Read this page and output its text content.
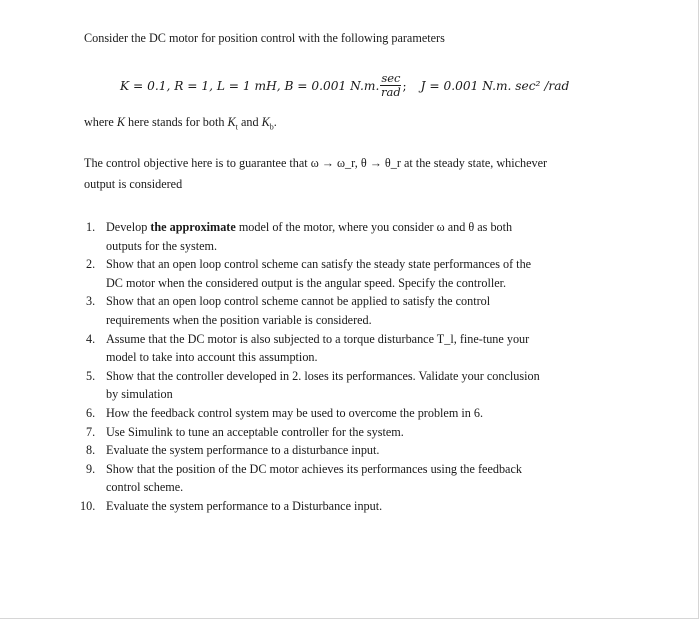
Consider the DC motor for position control with the following parameters
K = 0.1, R = 1, L = 1 mH, B = 0.001 N.m. $\frac{\sec}{\text{rad}}$ ; J = 0.001 N.m. sec² /rad
where K here stands for both $K_t$ and $K_b$.
The control objective here is to guarantee that ω → ω_r, θ → θ_r at the steady state, whichever
output is considered
1. Develop the approximate model of the motor, where you consider ω and θ as both
outputs for the system.
2. Show that an open loop control scheme can satisfy the steady state performances of the
DC motor when the considered output is the angular speed. Specify the controller.
3. Show that an open loop control scheme cannot be applied to satisfy the control
requirements when the position variable is considered.
4. Assume that the DC motor is also subjected to a torque disturbance T_l, fine-tune your
model to take into account this assumption.
5. Show that the controller developed in 2. loses its performances. Validate your conclusion
by simulation
6. How the feedback control system may be used to overcome the problem in 6.
7. Use Simulink to tune an acceptable controller for the system.
8. Evaluate the system performance to a disturbance input.
9. Show that the position of the DC motor achieves its performances using the feedback
control scheme.
10. Evaluate the system performance to a Disturbance input.
